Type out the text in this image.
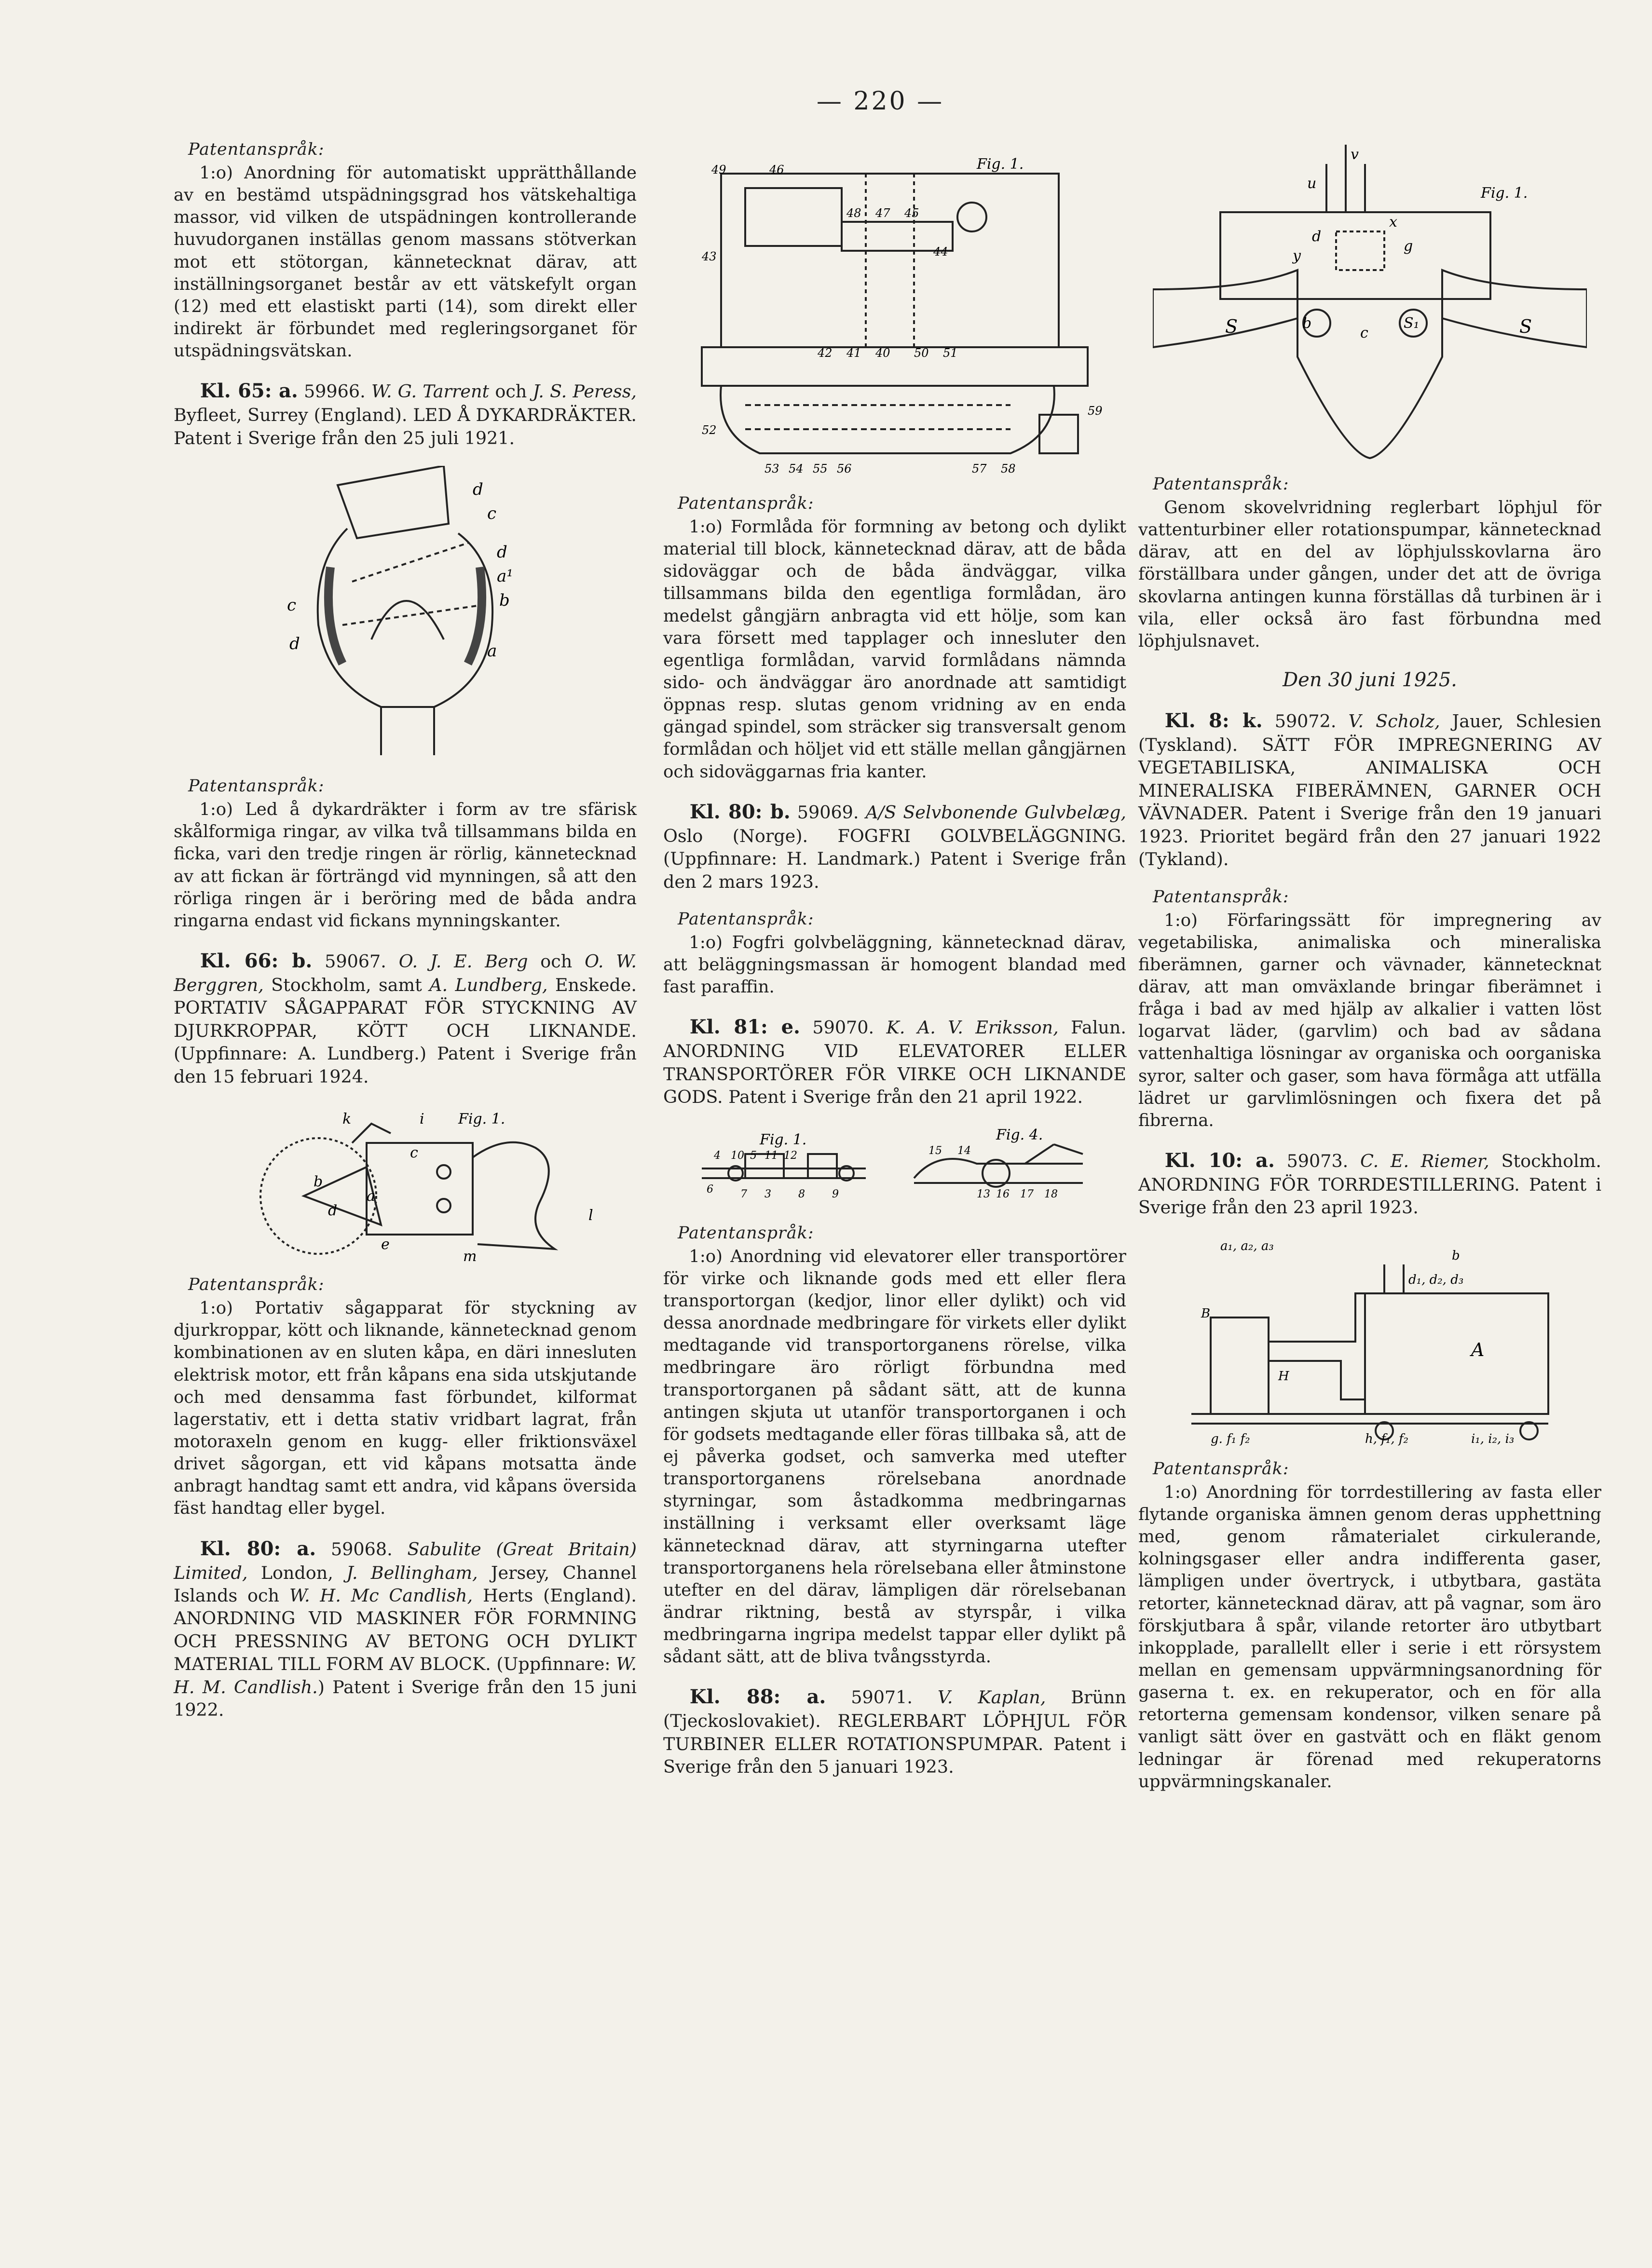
— 220 —
Patentanspråk:

1:o) Anordning för automatiskt upprätthållande av en bestämd utspädningsgrad hos vätskehaltiga massor, vid vilken de utspädningen kontrollerande huvudorganen inställas genom massans stötverkan mot ett stötorgan, kännetecknat därav, att inställningsorganet består av ett vätskefylt organ (12) med ett elastiskt parti (14), som direkt eller indirekt är förbundet med regleringsorganet för utspädningsvätskan.

Kl. 65: a. 59966. W. G. Tarrent och J. S. Peress, Byfleet, Surrey (England). LED Å DYKARDRÄKTER. Patent i Sverige från den 25 juli 1921.

d
c
d
a¹
b
c
d	a
Patentanspråk:

1:o) Led å dykardräkter i form av tre sfärisk skålformiga ringar, av vilka två tillsammans bilda en ficka, vari den tredje ringen är rörlig, kännetecknad av att fickan är förträngd vid mynningen, så att den rörliga ringen är i beröring med de båda andra ringarna endast vid fickans mynningskanter.

Kl. 66: b. 59067. O. J. E. Berg och O. W. Berggren, Stockholm, samt A. Lundberg, Enskede. PORTATIV SÅGAPPARAT FÖR STYCKNING AV DJURKROPPAR, KÖTT OCH LIKNANDE. (Uppfinnare: A. Lundberg.) Patent i Sverige från den 15 februari 1924.

Fig. 1.
k	i
c
b
a
d
e
m
l
Patentanspråk:

1:o) Portativ sågapparat för styckning av djurkroppar, kött och liknande, kännetecknad genom kombinationen av en sluten kåpa, en däri innesluten elektrisk motor, ett från kåpans ena sida utskjutande och med densamma fast förbundet, kilformat lagerstativ, ett i detta stativ vridbart lagrat, från motoraxeln genom en kugg- eller friktionsväxel drivet sågorgan, ett vid kåpans motsatta ände anbragt handtag samt ett andra, vid kåpans översida fäst handtag eller bygel.

Kl. 80: a. 59068. Sabulite (Great Britain) Limited, London, J. Bellingham, Jersey, Channel Islands och W. H. Mc Candlish, Herts (England). ANORDNING VID MASKINER FÖR FORMNING OCH PRESSNING AV BETONG OCH DYLIKT MATERIAL TILL FORM AV BLOCK. (Uppfinnare: W. H. M. Candlish.) Patent i Sverige från den 15 juni 1922.

Fig. 1.
49	46
48 47 45
44
43
42 41 40 50 51
52
53 54 55 56	57 58
59
Patentanspråk:

1:o) Formlåda för formning av betong och dylikt material till block, kännetecknad därav, att de båda sidoväggar och de båda ändväggar, vilka tillsammans bilda den egentliga formlådan, äro medelst gångjärn anbragta vid ett hölje, som kan vara försett med tapplager och innesluter den egentliga formlådan, varvid formlådans nämnda sido- och ändväggar äro anordnade att samtidigt öppnas resp. slutas genom vridning av en enda gängad spindel, som sträcker sig transversalt genom formlådan och höljet vid ett ställe mellan gångjärnen och sidoväggarnas fria kanter.

Kl. 80: b. 59069. A/S Selvbonende Gulvbelæg, Oslo (Norge). FOGFRI GOLVBELÄGGNING. (Uppfinnare: H. Landmark.) Patent i Sverige från den 2 mars 1923.

Patentanspråk:

1:o) Fogfri golvbeläggning, kännetecknad därav, att beläggningsmassan är homogent blandad med fast paraffin.

Kl. 81: e. 59070. K. A. V. Eriksson, Falun. ANORDNING VID ELEVATORER ELLER TRANSPORTÖRER FÖR VIRKE OCH LIKNANDE GODS. Patent i Sverige från den 21 april 1922.

Fig. 1.	Fig. 4.
4 10 5 11 12
6	7 3	8	9
15 14
13 16 17 18
Patentanspråk:

1:o) Anordning vid elevatorer eller transportörer för virke och liknande gods med ett eller flera transportorgan (kedjor, linor eller dylikt) och vid dessa anordnade medbringare för virkets eller dylikt medtagande vid transportorganens rörelse, vilka medbringare äro rörligt förbundna med transportorganen på sådant sätt, att de kunna antingen skjuta ut utanför transportorganen i och för godsets medtagande eller föras tillbaka så, att de ej påverka godset, och samverka med utefter transportorganens rörelsebana anordnade styrningar, som åstadkomma medbringarnas inställning i verksamt eller overksamt läge kännetecknad därav, att styrningarna utefter transportorganens hela rörelsebana eller åtminstone utefter en del därav, lämpligen där rörelsebanan ändrar riktning, bestå av styrspår, i vilka medbringarna ingripa medelst tappar eller dylikt på sådant sätt, att de bliva tvångsstyrda.

Kl. 88: a. 59071. V. Kaplan, Brünn (Tjeckoslovakiet). REGLERBART LÖPHJUL FÖR TURBINER ELLER ROTATIONSPUMPAR. Patent i Sverige från den 5 januari 1923.

Fig. 1.
v
u
x
d
g
y
S	S
b	S₁
c
Patentanspråk:

Genom skovelvridning reglerbart löphjul för vattenturbiner eller rotationspumpar, kännetecknad därav, att en del av löphjulsskovlarna äro förställbara under gången, under det att de övriga skovlarna antingen kunna förställas då turbinen är i vila, eller också äro fast förbundna med löphjulsnavet.

Den 30 juni 1925.

Kl. 8: k. 59072. V. Scholz, Jauer, Schlesien (Tyskland). SÄTT FÖR IMPREGNERING AV VEGETABILISKA, ANIMALISKA OCH MINERALISKA FIBERÄMNEN, GARNER OCH VÄVNADER. Patent i Sverige från den 19 januari 1923. Prioritet begärd från den 27 januari 1922 (Tykland).

Patentanspråk:

1:o) Förfaringssätt för impregnering av vegetabiliska, animaliska och mineraliska fiberämnen, garner och vävnader, kännetecknat därav, att man omväxlande bringar fiberämnet i fråga i bad av med hjälp av alkalier i vatten löst logarvat läder, (garvlim) och bad av sådana vattenhaltiga lösningar av organiska och oorganiska syror, salter och gaser, som hava förmåga att utfälla lädret ur garvlimlösningen och fixera det på fibrerna.

Kl. 10: a. 59073. C. E. Riemer, Stockholm. ANORDNING FÖR TORRDESTILLERING. Patent i Sverige från den 23 april 1923.

a₁, a₂, a₃
b
d₁, d₂, d₃
B
A
H
g. f₁ f₂	h, f₁, f₂	i₁, i₂, i₃
Patentanspråk:

1:o) Anordning för torrdestillering av fasta eller flytande organiska ämnen genom deras upphettning med, genom råmaterialet cirkulerande, kolningsgaser eller andra indifferenta gaser, lämpligen under övertryck, i utbytbara, gastäta retorter, kännetecknad därav, att på vagnar, som äro förskjutbara å spår, vilande retorter äro utbytbart inkopplade, parallellt eller i serie i ett rörsystem mellan en gemensam uppvärmningsanordning för gaserna t. ex. en rekuperator, och en för alla retorterna gemensam kondensor, vilken senare på vanligt sätt över en gastvätt och en fläkt genom ledningar är förenad med rekuperatorns uppvärmningskanaler.
